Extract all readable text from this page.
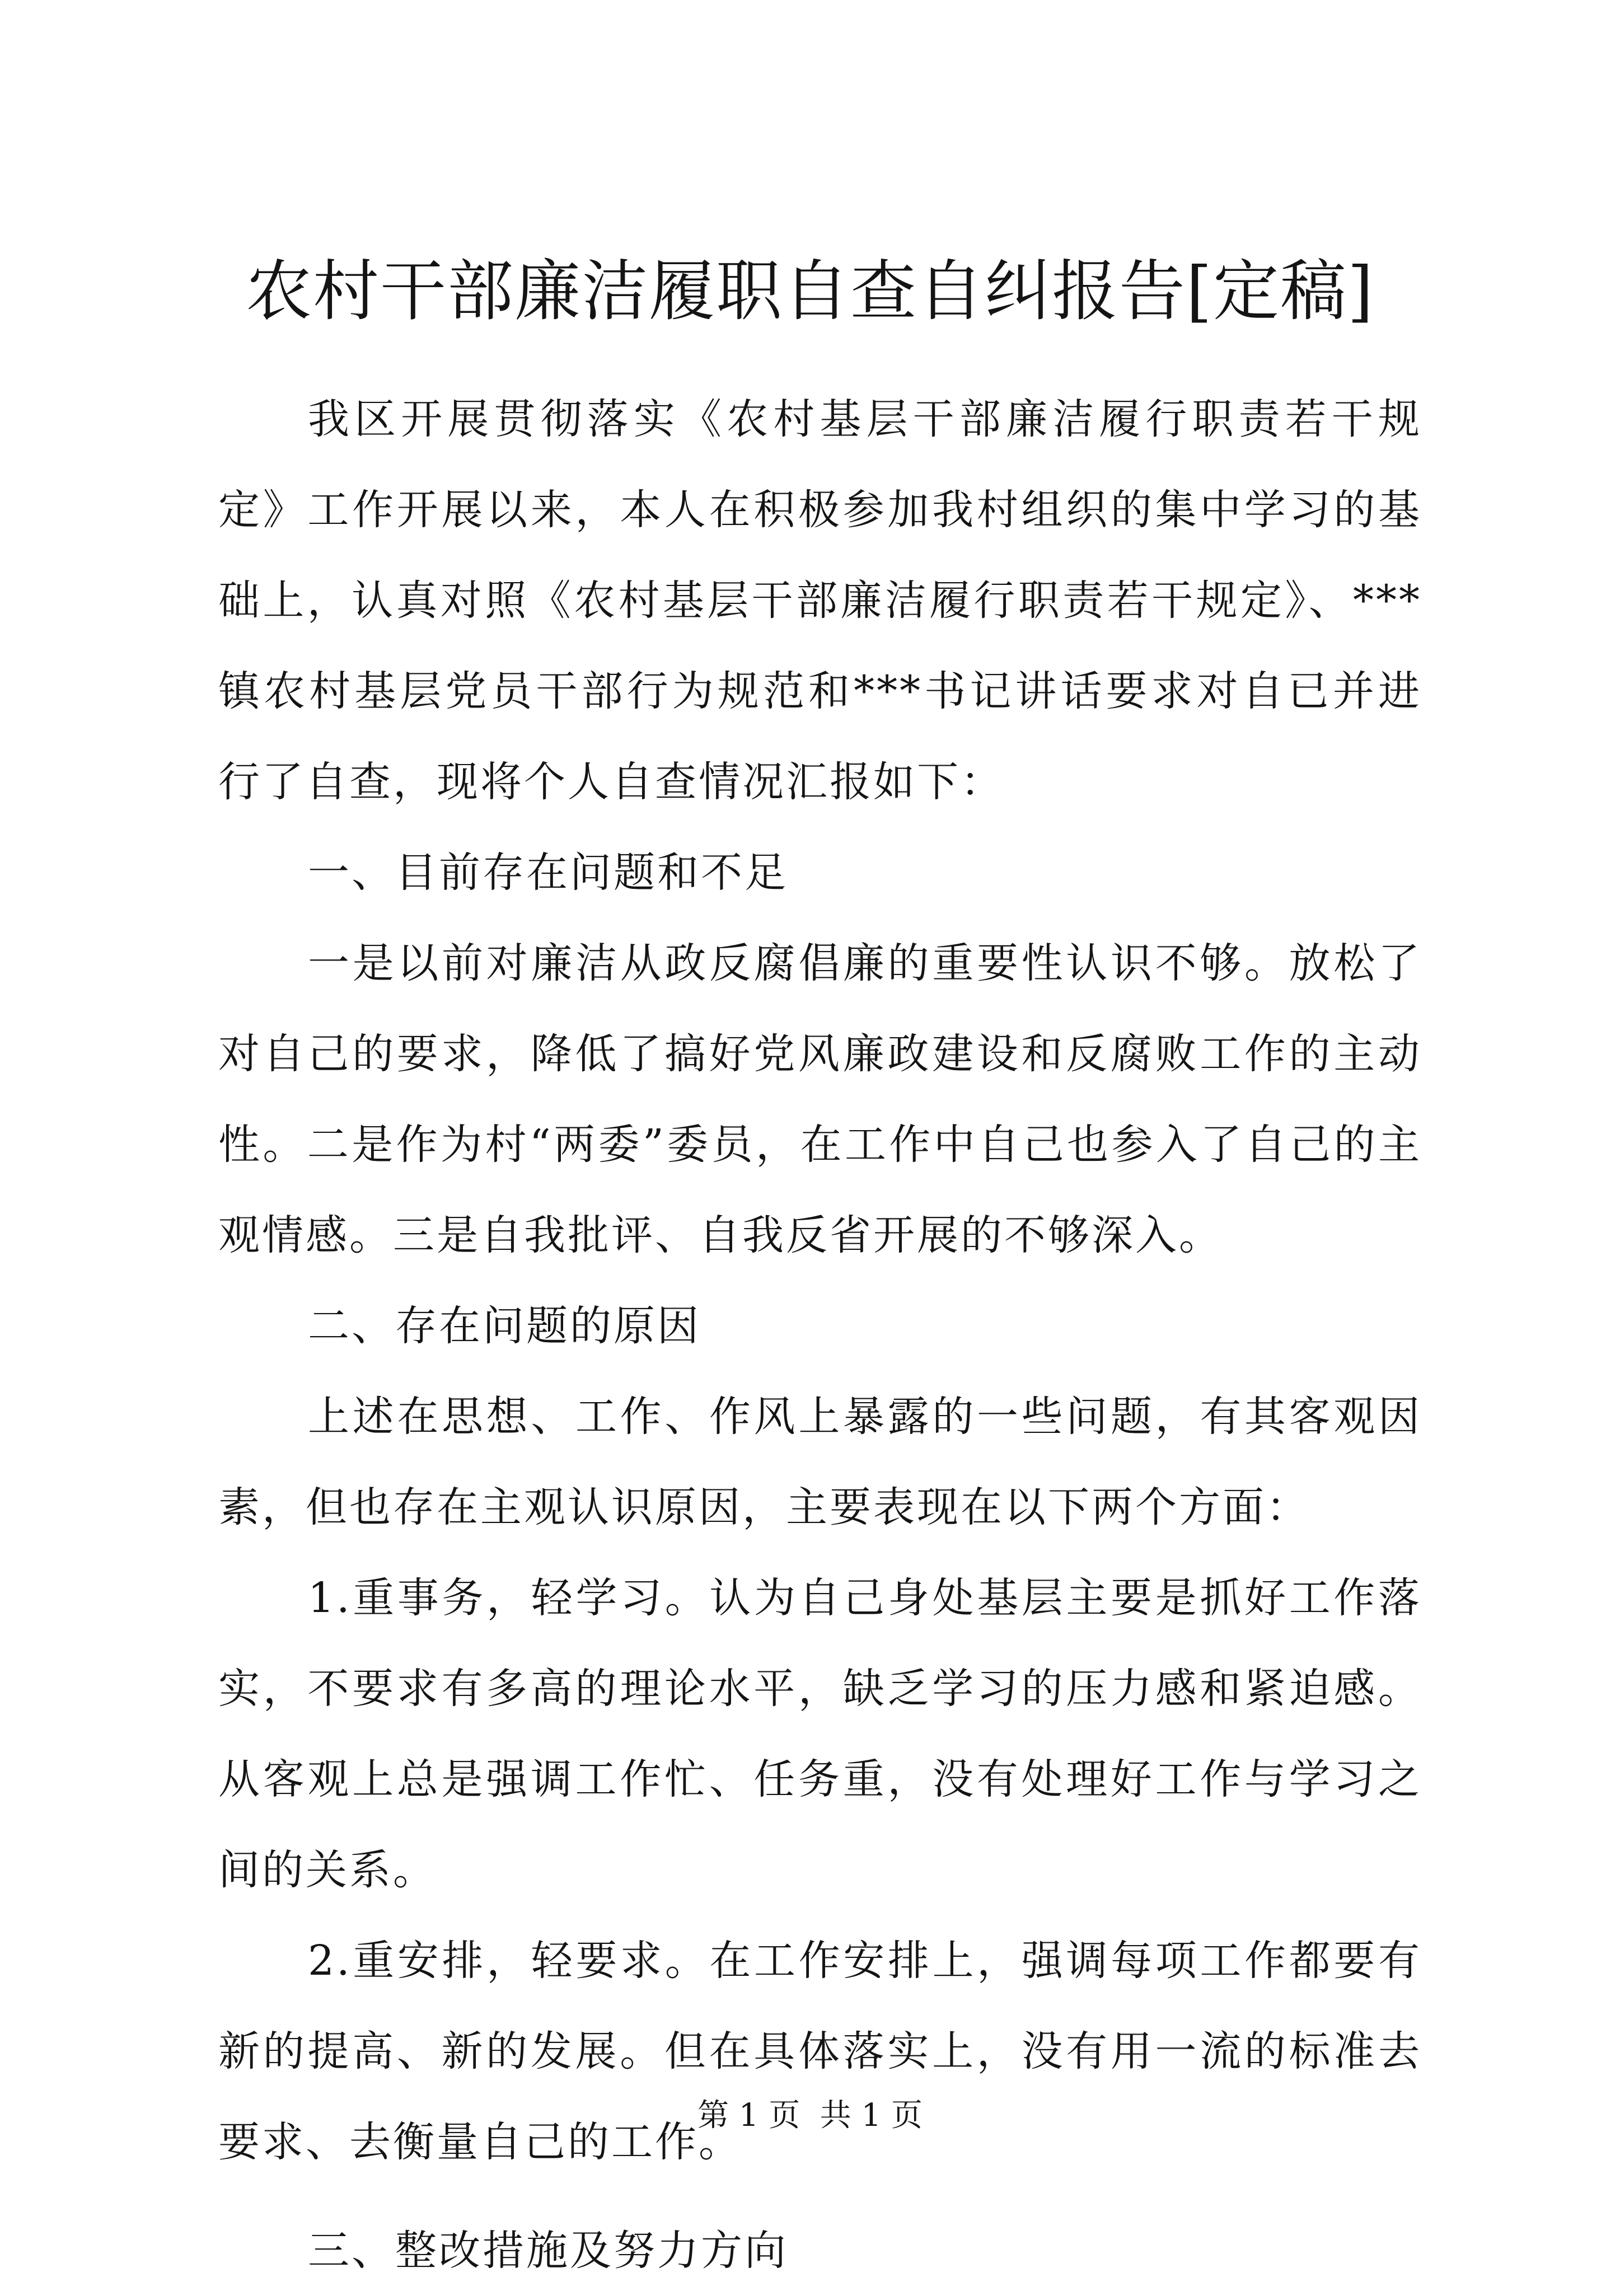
农村干部廉洁履职自查自纠报告[定稿]

我区开展贯彻落实《农村基层干部廉洁履行职责若干规定》工作开展以来，本人在积极参加我村组织的集中学习的基础上，认真对照《农村基层干部廉洁履行职责若干规定》、***镇农村基层党员干部行为规范和***书记讲话要求对自已并进行了自查，现将个人自查情况汇报如下：

一、目前存在问题和不足

一是以前对廉洁从政反腐倡廉的重要性认识不够。放松了对自己的要求，降低了搞好党风廉政建设和反腐败工作的主动性。二是作为村“两委”委员，在工作中自己也参入了自己的主观情感。三是自我批评、自我反省开展的不够深入。

二、存在问题的原因

上述在思想、工作、作风上暴露的一些问题，有其客观因素，但也存在主观认识原因，主要表现在以下两个方面：

1.重事务，轻学习。认为自己身处基层主要是抓好工作落实，不要求有多高的理论水平，缺乏学习的压力感和紧迫感。从客观上总是强调工作忙、任务重，没有处理好工作与学习之间的关系。

2.重安排，轻要求。在工作安排上，强调每项工作都要有新的提高、新的发展。但在具体落实上，没有用一流的标准去要求、去衡量自己的工作。

三、整改措施及努力方向

第 1 页  共 1 页
